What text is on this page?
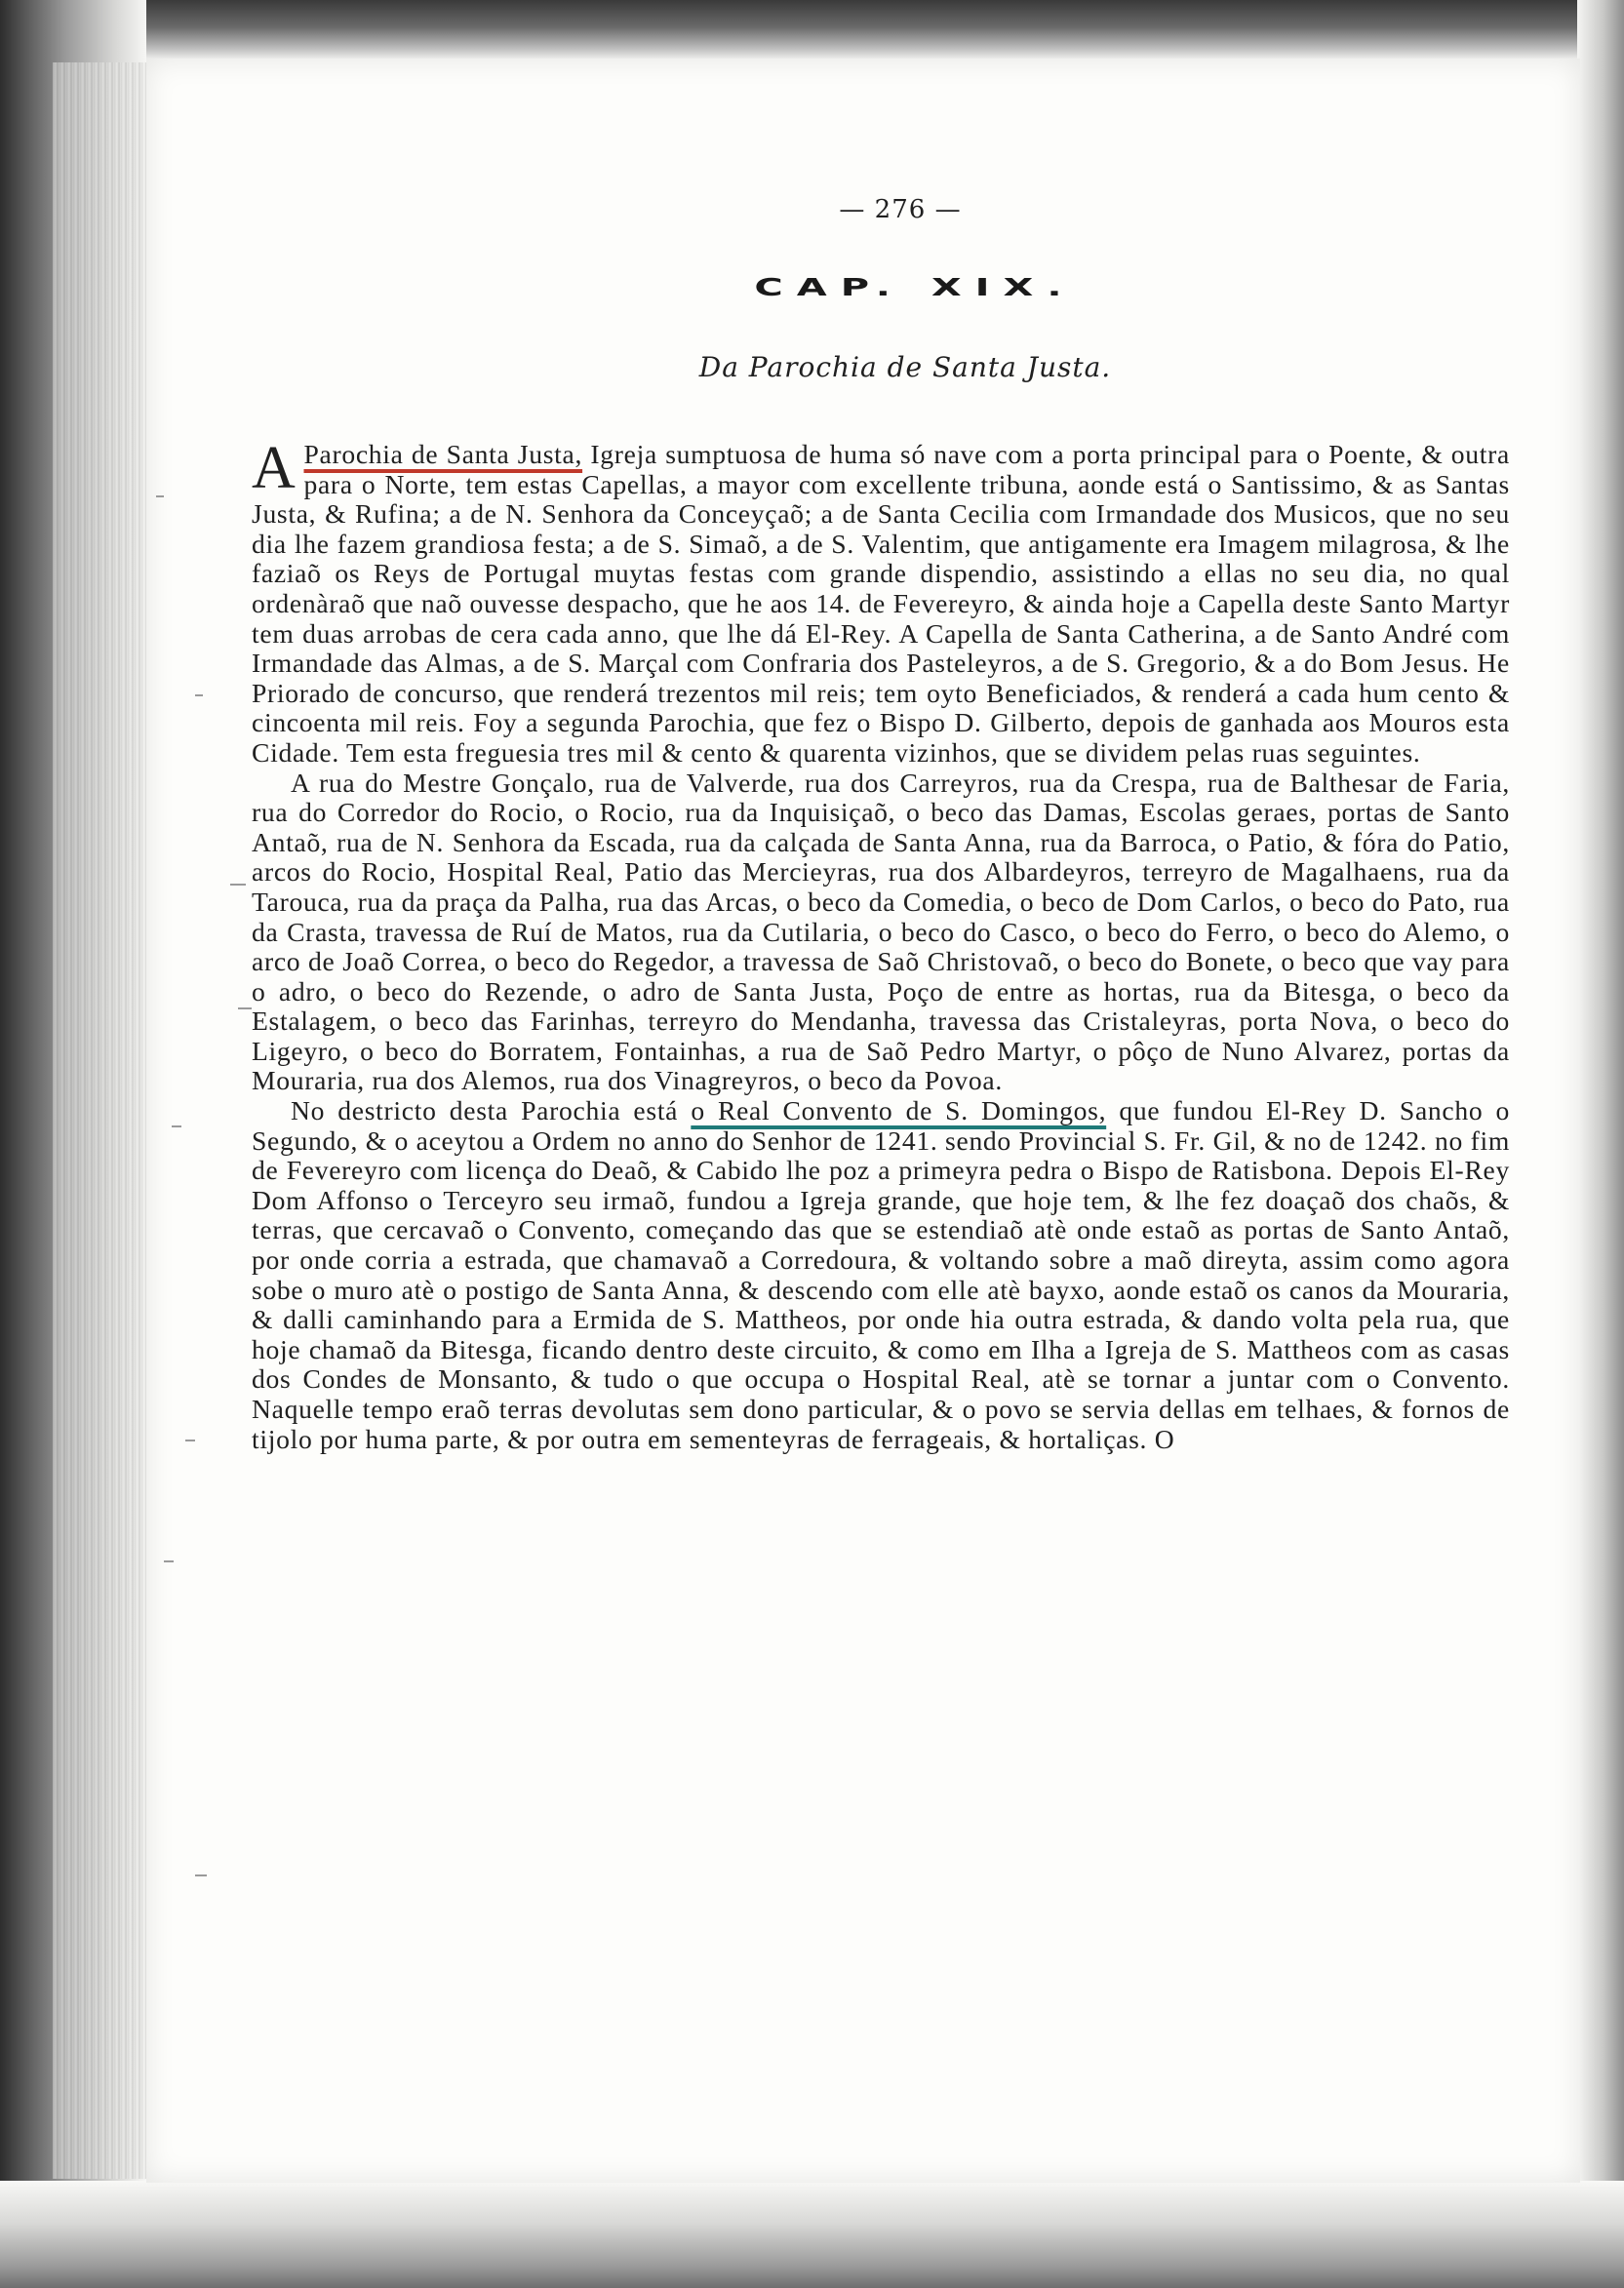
— 276 —
CAP. XIX.
Da Parochia de Santa Justa.

A Parochia de Santa Justa, Igreja sumptuosa de huma só nave com a porta principal para o Poente, & outra para o Norte, tem estas Capellas, a mayor com excellente tribuna, aonde está o Santissimo, & as Santas Justa, & Rufina; a de N. Senhora da Conceyçaõ; a de Santa Cecilia com Irmandade dos Musicos, que no seu dia lhe fazem grandiosa festa; a de S. Simaõ, a de S. Valentim, que antigamente era Imagem milagrosa, & lhe faziaõ os Reys de Portugal muytas festas com grande dispendio, assistindo a ellas no seu dia, no qual ordenàraõ que naõ ouvesse despacho, que he aos 14. de Fevereyro, & ainda hoje a Capella deste Santo Martyr tem duas arrobas de cera cada anno, que lhe dá El-Rey. A Capella de Santa Catherina, a de Santo André com Irmandade das Almas, a de S. Marçal com Confraria dos Pasteleyros, a de S. Gregorio, & a do Bom Jesus. He Priorado de concurso, que renderá trezentos mil reis; tem oyto Beneficiados, & renderá a cada hum cento & cincoenta mil reis. Foy a segunda Parochia, que fez o Bispo D. Gilberto, depois de ganhada aos Mouros esta Cidade. Tem esta freguesia tres mil & cento & quarenta vizinhos, que se dividem pelas ruas seguintes.

A rua do Mestre Gonçalo, rua de Valverde, rua dos Carreyros, rua da Crespa, rua de Balthesar de Faria, rua do Corredor do Rocio, o Rocio, rua da Inquisiçaõ, o beco das Damas, Escolas geraes, portas de Santo Antaõ, rua de N. Senhora da Escada, rua da calçada de Santa Anna, rua da Barroca, o Patio, & fóra do Patio, arcos do Rocio, Hospital Real, Patio das Mercieyras, rua dos Albardeyros, terreyro de Magalhaens, rua da Tarouca, rua da praça da Palha, rua das Arcas, o beco da Comedia, o beco de Dom Carlos, o beco do Pato, rua da Crasta, travessa de Ruí de Matos, rua da Cutilaria, o beco do Casco, o beco do Ferro, o beco do Alemo, o arco de Joaõ Correa, o beco do Regedor, a travessa de Saõ Christovaõ, o beco do Bonete, o beco que vay para o adro, o beco do Rezende, o adro de Santa Justa, Poço de entre as hortas, rua da Bitesga, o beco da Estalagem, o beco das Farinhas, terreyro do Mendanha, travessa das Cristaleyras, porta Nova, o beco do Ligeyro, o beco do Borratem, Fontainhas, a rua de Saõ Pedro Martyr, o pôço de Nuno Alvarez, portas da Mouraria, rua dos Alemos, rua dos Vinagreyros, o beco da Povoa.

No destricto desta Parochia está o Real Convento de S. Domingos, que fundou El-Rey D. Sancho o Segundo, & o aceytou a Ordem no anno do Senhor de 1241. sendo Provincial S. Fr. Gil, & no de 1242. no fim de Fevereyro com licença do Deaõ, & Cabido lhe poz a primeyra pedra o Bispo de Ratisbona. Depois El-Rey Dom Affonso o Terceyro seu irmaõ, fundou a Igreja grande, que hoje tem, & lhe fez doaçaõ dos chaõs, & terras, que cercavaõ o Convento, começando das que se estendiaõ atè onde estaõ as portas de Santo Antaõ, por onde corria a estrada, que chamavaõ a Corredoura, & voltando sobre a maõ direyta, assim como agora sobe o muro atè o postigo de Santa Anna, & descendo com elle atè bayxo, aonde estaõ os canos da Mouraria, & dalli caminhando para a Ermida de S. Mattheos, por onde hia outra estrada, & dando volta pela rua, que hoje chamaõ da Bitesga, ficando dentro deste circuito, & como em Ilha a Igreja de S. Mattheos com as casas dos Condes de Monsanto, & tudo o que occupa o Hospital Real, atè se tornar a juntar com o Convento. Naquelle tempo eraõ terras devolutas sem dono particular, & o povo se servia dellas em telhaes, & fornos de tijolo por huma parte, & por outra em sementeyras de ferrageais, & hortaliças. O
